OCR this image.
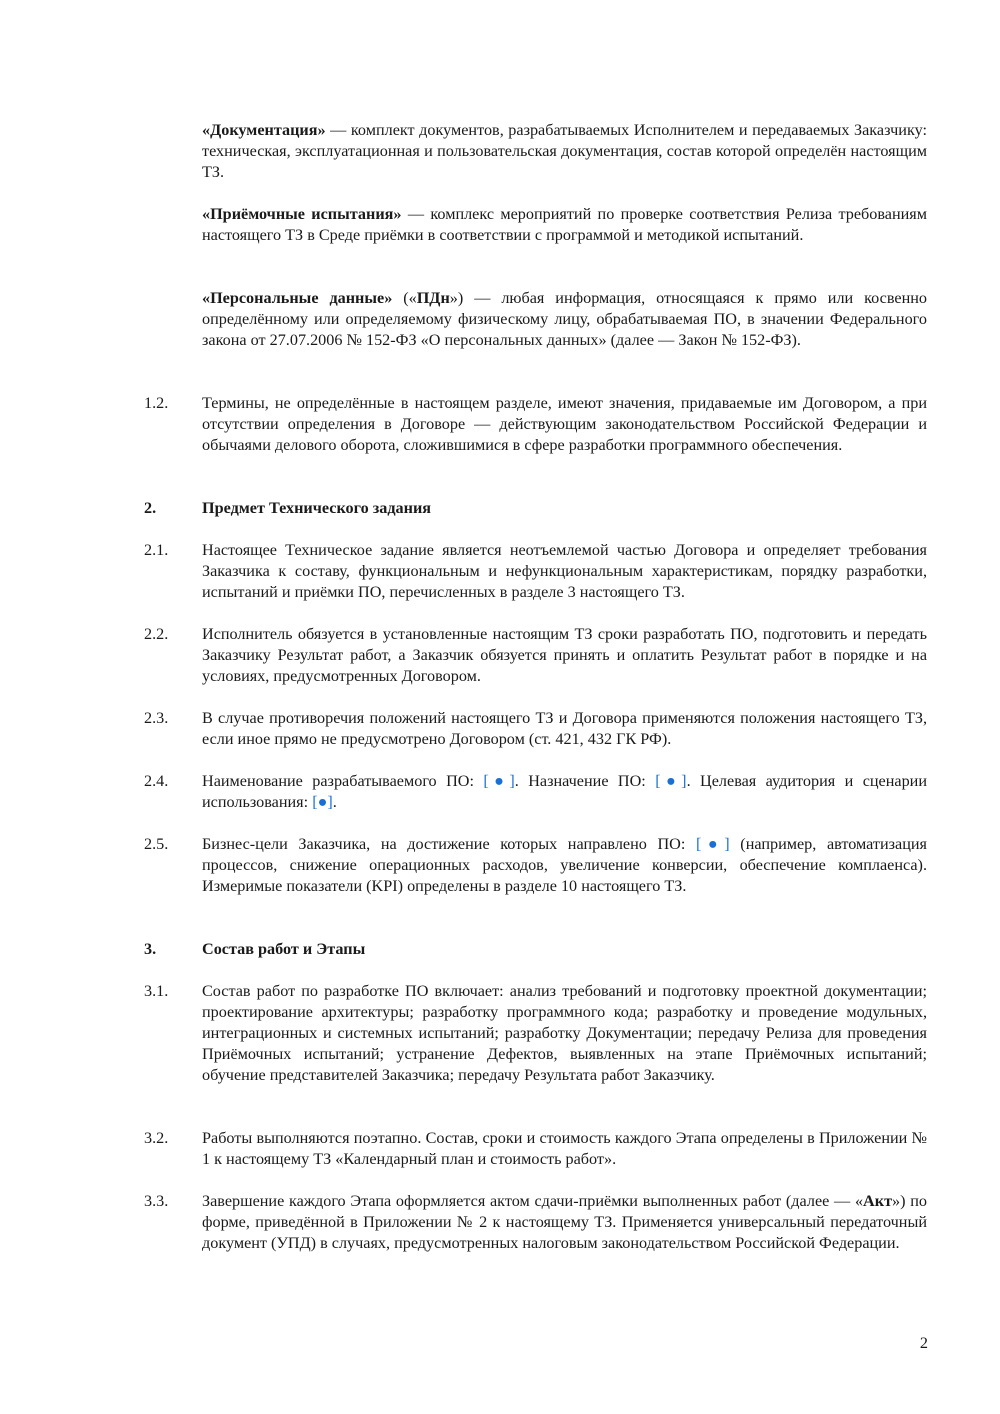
«Документация» — комплект документов, разрабатываемых Исполнителем и передаваемых Заказчику: техническая, эксплуатационная и пользовательская документация, состав которой определён настоящим ТЗ.

«Приёмочные испытания» — комплекс мероприятий по проверке соответствия Релиза требованиям настоящего ТЗ в Среде приёмки в соответствии с программой и методикой испытаний.

«Персональные данные» («ПДн») — любая информация, относящаяся к прямо или косвенно определённому или определяемому физическому лицу, обрабатываемая ПО, в значении Федерального закона от 27.07.2006 № 152-ФЗ «О персональных данных» (далее — Закон № 152-ФЗ).

1.2. Термины, не определённые в настоящем разделе, имеют значения, придаваемые им Договором, а при отсутствии определения в Договоре — действующим законодательством Российской Федерации и обычаями делового оборота, сложившимися в сфере разработки программного обеспечения.

2.	Предмет Технического задания
2.1. Настоящее Техническое задание является неотъемлемой частью Договора и определяет требования Заказчика к составу, функциональным и нефункциональным характеристикам, порядку разработки, испытаний и приёмки ПО, перечисленных в разделе 3 настоящего ТЗ.

2.2. Исполнитель обязуется в установленные настоящим ТЗ сроки разработать ПО, подготовить и передать Заказчику Результат работ, а Заказчик обязуется принять и оплатить Результат работ в порядке и на условиях, предусмотренных Договором.

2.3. В случае противоречия положений настоящего ТЗ и Договора применяются положения настоящего ТЗ, если иное прямо не предусмотрено Договором (ст. 421, 432 ГК РФ).

2.4. Наименование разрабатываемого ПО: [●]. Назначение ПО: [●]. Целевая аудитория и сценарии использования: [●].

2.5. Бизнес-цели Заказчика, на достижение которых направлено ПО: [●] (например, автоматизация процессов, снижение операционных расходов, увеличение конверсии, обеспечение комплаенса). Измеримые показатели (KPI) определены в разделе 10 настоящего ТЗ.

3.	Состав работ и Этапы
3.1. Состав работ по разработке ПО включает: анализ требований и подготовку проектной документации; проектирование архитектуры; разработку программного кода; разработку и проведение модульных, интеграционных и системных испытаний; разработку Документации; передачу Релиза для проведения Приёмочных испытаний; устранение Дефектов, выявленных на этапе Приёмочных испытаний; обучение представителей Заказчика; передачу Результата работ Заказчику.

3.2. Работы выполняются поэтапно. Состав, сроки и стоимость каждого Этапа определены в Приложении № 1 к настоящему ТЗ «Календарный план и стоимость работ».

3.3. Завершение каждого Этапа оформляется актом сдачи-приёмки выполненных работ (далее — «Акт») по форме, приведённой в Приложении № 2 к настоящему ТЗ. Применяется универсальный передаточный документ (УПД) в случаях, предусмотренных налоговым законодательством Российской Федерации.

2
